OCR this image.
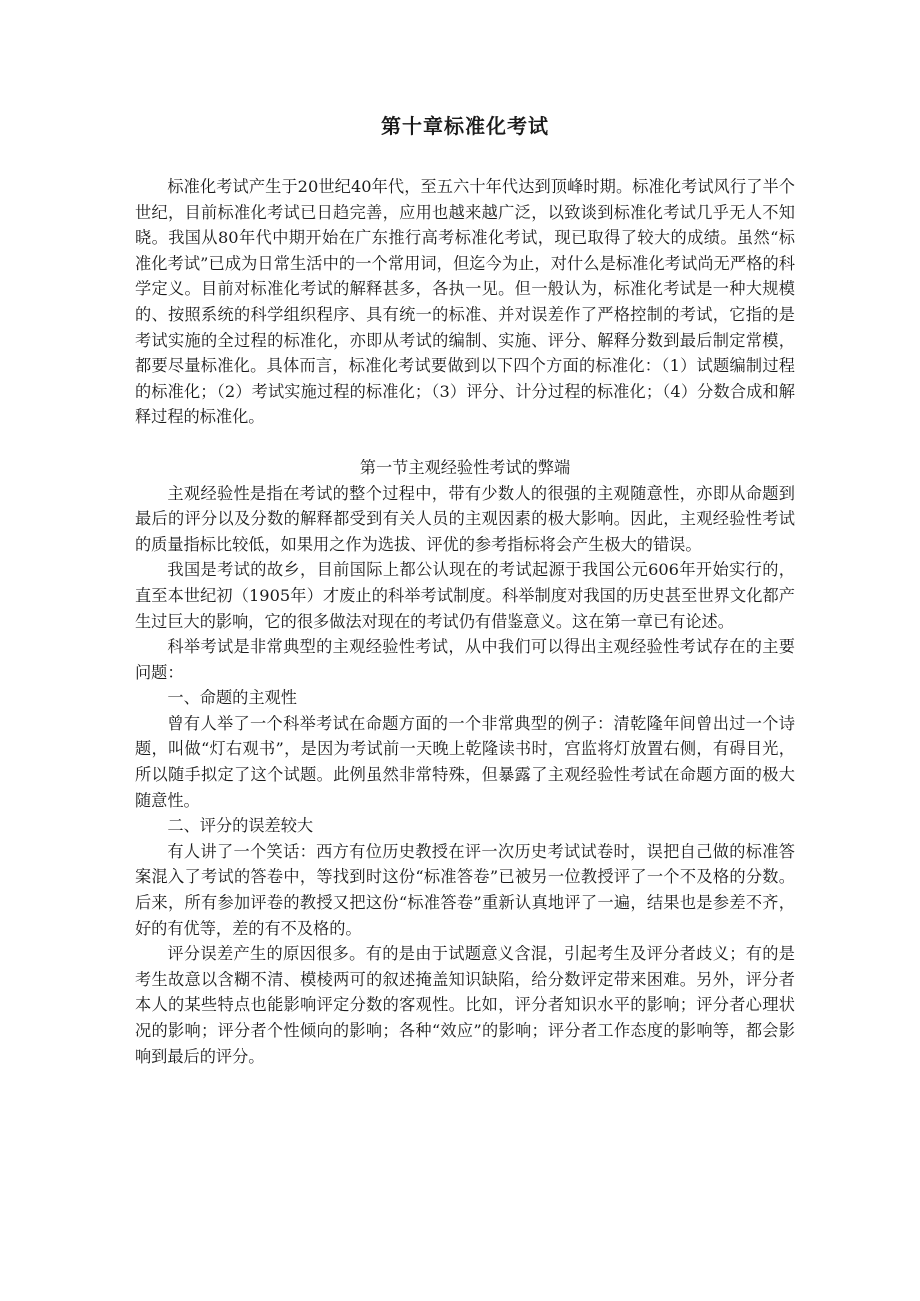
第十章标准化考试

标准化考试产生于20世纪40年代，至五六十年代达到顶峰时期。标准化考试风行了半个世纪，目前标准化考试已日趋完善，应用也越来越广泛，以致谈到标准化考试几乎无人不知晓。我国从80年代中期开始在广东推行高考标准化考试，现已取得了较大的成绩。虽然“标准化考试”已成为日常生活中的一个常用词，但迄今为止，对什么是标准化考试尚无严格的科学定义。目前对标准化考试的解释甚多，各执一见。但一般认为，标准化考试是一种大规模的、按照系统的科学组织程序、具有统一的标准、并对误差作了严格控制的考试，它指的是考试实施的全过程的标准化，亦即从考试的编制、实施、评分、解释分数到最后制定常模，都要尽量标准化。具体而言，标准化考试要做到以下四个方面的标准化：（1）试题编制过程的标准化；（2）考试实施过程的标准化；（3）评分、计分过程的标准化；（4）分数合成和解释过程的标准化。

第一节主观经验性考试的弊端

主观经验性是指在考试的整个过程中，带有少数人的很强的主观随意性，亦即从命题到最后的评分以及分数的解释都受到有关人员的主观因素的极大影响。因此，主观经验性考试的质量指标比较低，如果用之作为选拔、评优的参考指标将会产生极大的错误。

我国是考试的故乡，目前国际上都公认现在的考试起源于我国公元606年开始实行的，直至本世纪初（1905年）才废止的科举考试制度。科举制度对我国的历史甚至世界文化都产生过巨大的影响，它的很多做法对现在的考试仍有借鉴意义。这在第一章已有论述。

科举考试是非常典型的主观经验性考试，从中我们可以得出主观经验性考试存在的主要问题：

一、命题的主观性

曾有人举了一个科举考试在命题方面的一个非常典型的例子：清乾隆年间曾出过一个诗题，叫做“灯右观书”，是因为考试前一天晚上乾隆读书时，宫监将灯放置右侧，有碍目光，所以随手拟定了这个试题。此例虽然非常特殊，但暴露了主观经验性考试在命题方面的极大随意性。

二、评分的误差较大

有人讲了一个笑话：西方有位历史教授在评一次历史考试试卷时，误把自己做的标准答案混入了考试的答卷中，等找到时这份“标准答卷”已被另一位教授评了一个不及格的分数。后来，所有参加评卷的教授又把这份“标准答卷”重新认真地评了一遍，结果也是参差不齐，好的有优等，差的有不及格的。

评分误差产生的原因很多。有的是由于试题意义含混，引起考生及评分者歧义；有的是考生故意以含糊不清、模棱两可的叙述掩盖知识缺陷，给分数评定带来困难。另外，评分者本人的某些特点也能影响评定分数的客观性。比如，评分者知识水平的影响；评分者心理状况的影响；评分者个性倾向的影响；各种“效应”的影响；评分者工作态度的影响等，都会影响到最后的评分。
